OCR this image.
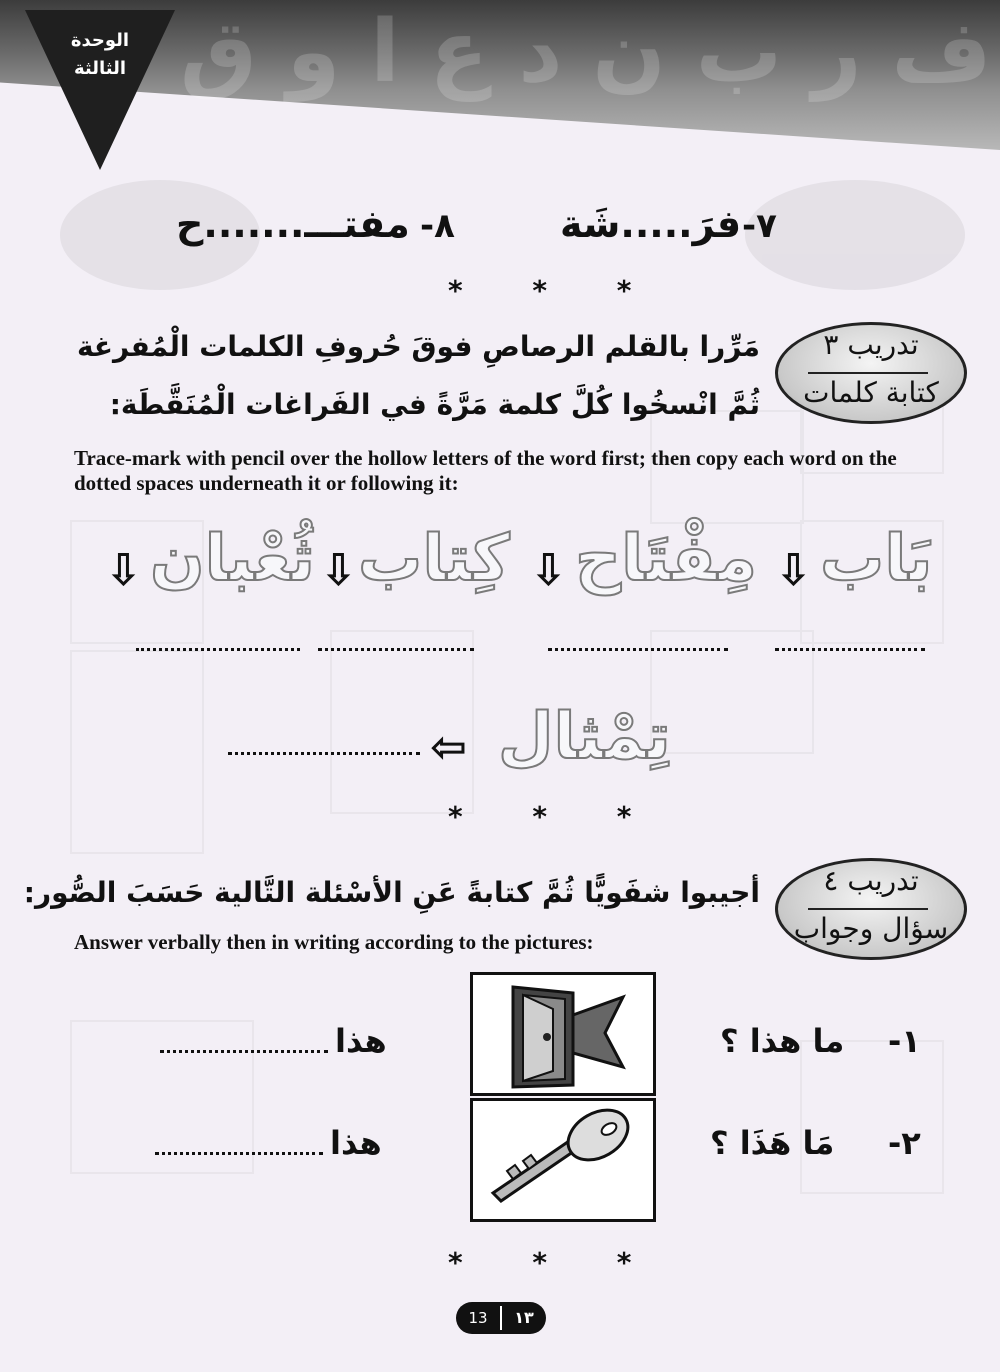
ف ر ب ن د ع ا و ق
الوحدة
الثالثة
٧-
فرَ.....شَة
٨-
مفتـــ.......ح
* * *
تدريب ٣
كتابة كلمات
مَرِّرا بالقلم الرصاصِ فوقَ حُروفِ الكلمات الْمُفرغة
ثُمَّ انْسخُوا كُلَّ كلمة مَرَّةً في الفَراغات الْمُنَقَّطَة:
Trace-mark with pencil over the hollow letters of the word first; then copy each word on the dotted spaces underneath it or following it:
⇩ بَاب
⇩ مِفْتَاح
⇩ كِتاب
⇩ ثُعْبان
تِمْثال
⇦
* * *
تدريب ٤
سؤال وجواب
أجيبوا شفَويًّا ثُمَّ كتابةً عَنِ الأسْئلة التَّالية حَسَبَ الصُّور:
Answer verbally then in writing according to the pictures:
١-
ما هذا ؟
هذا
٢-
مَا هَذَا ؟
هذا
* * *
13	١٣
